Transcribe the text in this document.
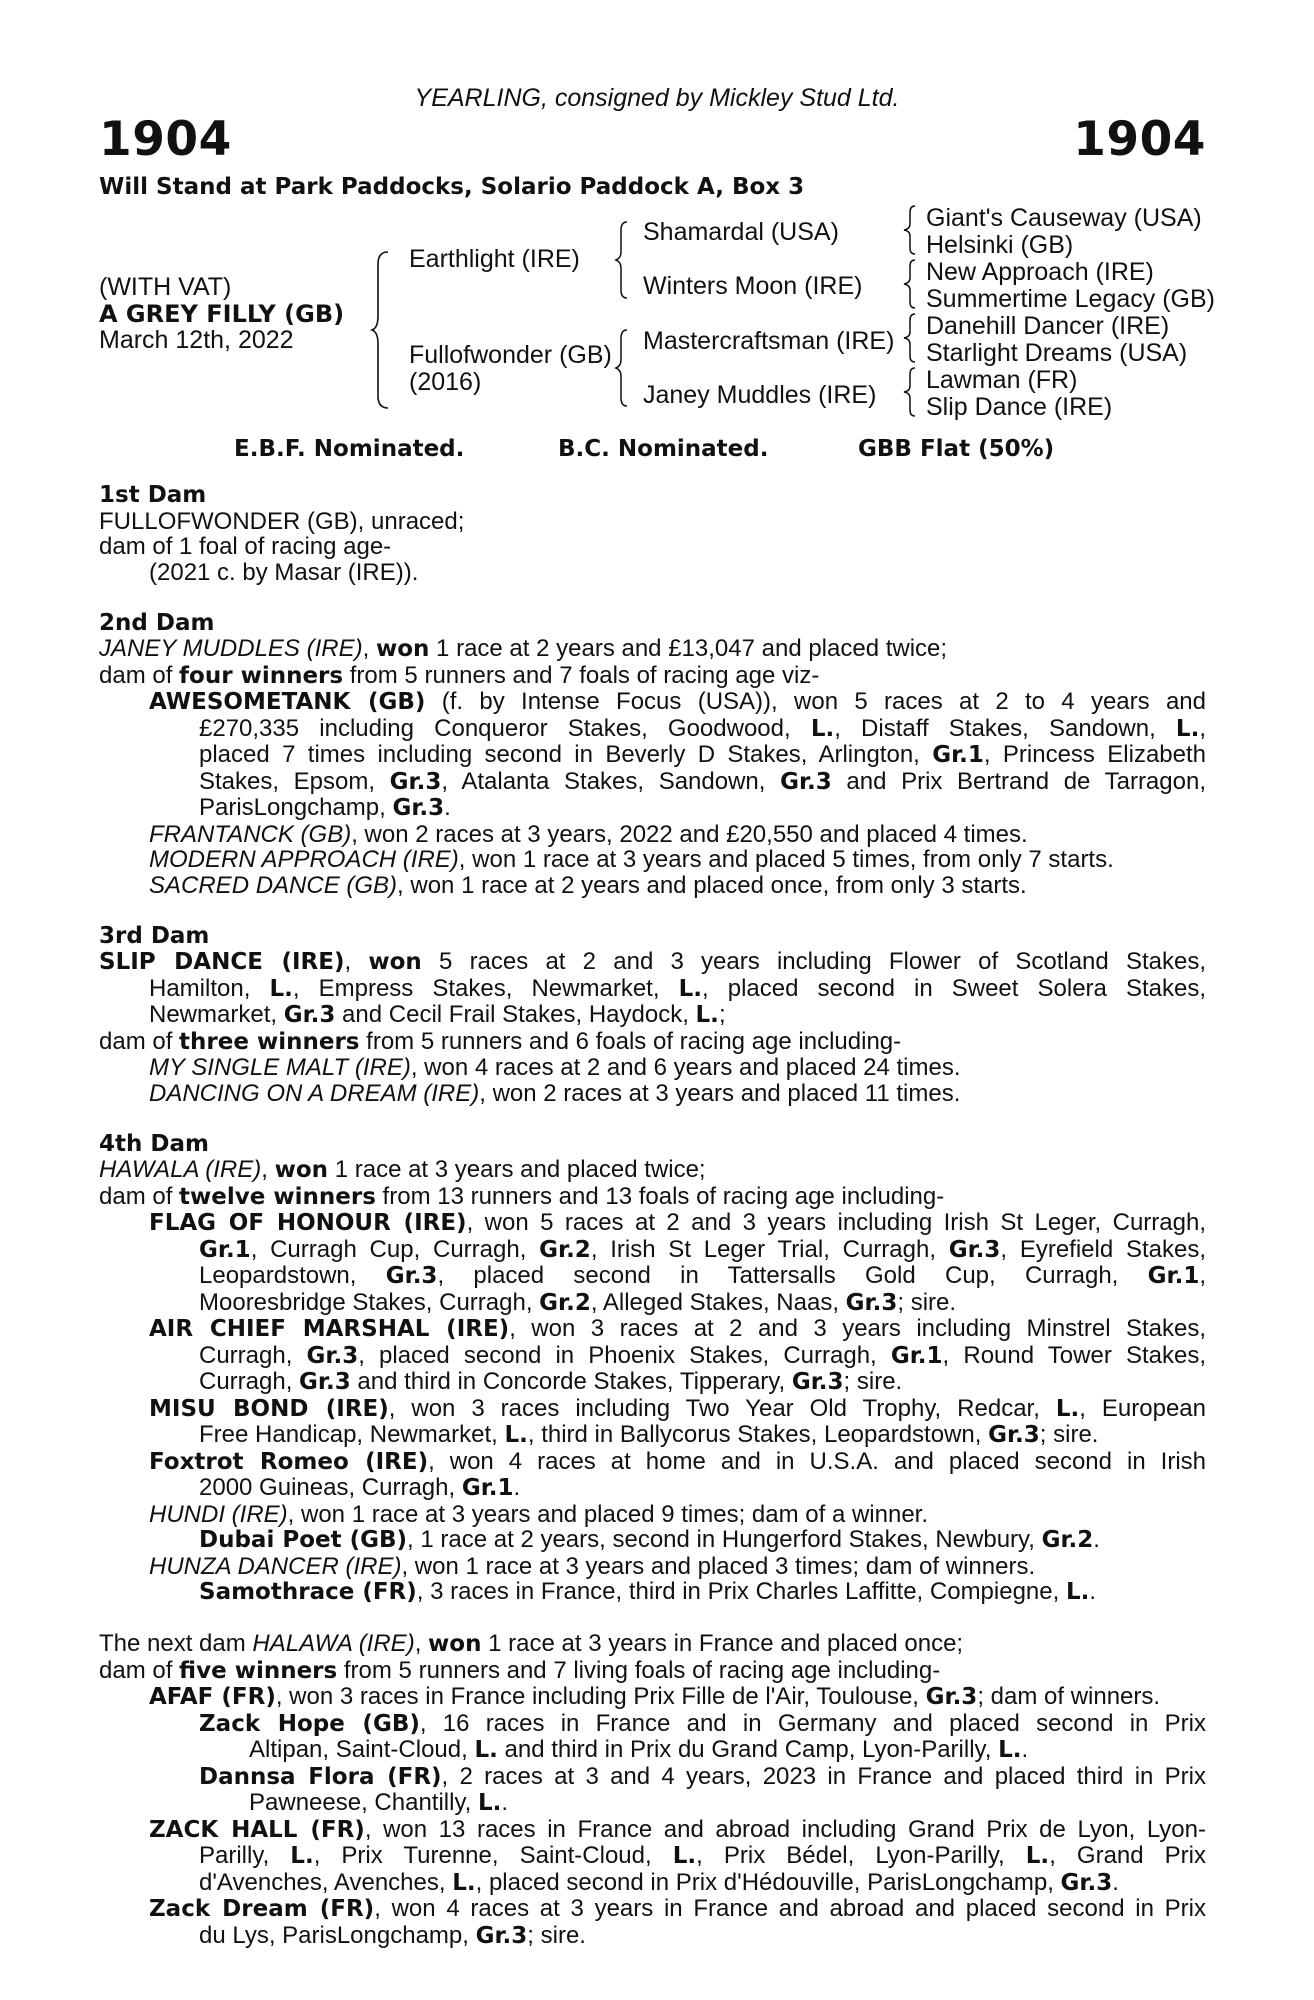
YEARLING, consigned by Mickley Stud Ltd.
1904	1904
Will Stand at Park Paddocks, Solario Paddock A, Box 3
(WITH VAT)
A GREY FILLY (GB)
March 12th, 2022
Earthlight (IRE)
Fullofwonder (GB)
(2016)
Shamardal (USA)
Winters Moon (IRE)
Mastercraftsman (IRE)
Janey Muddles (IRE)
Giant's Causeway (USA)
Helsinki (GB)
New Approach (IRE)
Summertime Legacy (GB)
Danehill Dancer (IRE)
Starlight Dreams (USA)
Lawman (FR)
Slip Dance (IRE)
E.B.F. Nominated.	B.C. Nominated.	GBB Flat (50%)
1st Dam
FULLOFWONDER (GB), unraced;
dam of 1 foal of racing age-
(2021 c. by Masar (IRE)).
2nd Dam
JANEY MUDDLES (IRE), won 1 race at 2 years and £13,047 and placed twice;
dam of four winners from 5 runners and 7 foals of racing age viz-
AWESOMETANK (GB) (f. by Intense Focus (USA)), won 5 races at 2 to 4 years and
£270,335 including Conqueror Stakes, Goodwood, L., Distaff Stakes, Sandown, L.,
placed 7 times including second in Beverly D Stakes, Arlington, Gr.1, Princess Elizabeth
Stakes, Epsom, Gr.3, Atalanta Stakes, Sandown, Gr.3 and Prix Bertrand de Tarragon,
ParisLongchamp, Gr.3.
FRANTANCK (GB), won 2 races at 3 years, 2022 and £20,550 and placed 4 times.
MODERN APPROACH (IRE), won 1 race at 3 years and placed 5 times, from only 7 starts.
SACRED DANCE (GB), won 1 race at 2 years and placed once, from only 3 starts.
3rd Dam
SLIP DANCE (IRE), won 5 races at 2 and 3 years including Flower of Scotland Stakes,
Hamilton, L., Empress Stakes, Newmarket, L., placed second in Sweet Solera Stakes,
Newmarket, Gr.3 and Cecil Frail Stakes, Haydock, L.;
dam of three winners from 5 runners and 6 foals of racing age including-
MY SINGLE MALT (IRE), won 4 races at 2 and 6 years and placed 24 times.
DANCING ON A DREAM (IRE), won 2 races at 3 years and placed 11 times.
4th Dam
HAWALA (IRE), won 1 race at 3 years and placed twice;
dam of twelve winners from 13 runners and 13 foals of racing age including-
FLAG OF HONOUR (IRE), won 5 races at 2 and 3 years including Irish St Leger, Curragh,
Gr.1, Curragh Cup, Curragh, Gr.2, Irish St Leger Trial, Curragh, Gr.3, Eyrefield Stakes,
Leopardstown, Gr.3, placed second in Tattersalls Gold Cup, Curragh, Gr.1,
Mooresbridge Stakes, Curragh, Gr.2, Alleged Stakes, Naas, Gr.3; sire.
AIR CHIEF MARSHAL (IRE), won 3 races at 2 and 3 years including Minstrel Stakes,
Curragh, Gr.3, placed second in Phoenix Stakes, Curragh, Gr.1, Round Tower Stakes,
Curragh, Gr.3 and third in Concorde Stakes, Tipperary, Gr.3; sire.
MISU BOND (IRE), won 3 races including Two Year Old Trophy, Redcar, L., European
Free Handicap, Newmarket, L., third in Ballycorus Stakes, Leopardstown, Gr.3; sire.
Foxtrot Romeo (IRE), won 4 races at home and in U.S.A. and placed second in Irish
2000 Guineas, Curragh, Gr.1.
HUNDI (IRE), won 1 race at 3 years and placed 9 times; dam of a winner.
Dubai Poet (GB), 1 race at 2 years, second in Hungerford Stakes, Newbury, Gr.2.
HUNZA DANCER (IRE), won 1 race at 3 years and placed 3 times; dam of winners.
Samothrace (FR), 3 races in France, third in Prix Charles Laffitte, Compiegne, L..
The next dam HALAWA (IRE), won 1 race at 3 years in France and placed once;
dam of five winners from 5 runners and 7 living foals of racing age including-
AFAF (FR), won 3 races in France including Prix Fille de l'Air, Toulouse, Gr.3; dam of winners.
Zack Hope (GB), 16 races in France and in Germany and placed second in Prix
Altipan, Saint-Cloud, L. and third in Prix du Grand Camp, Lyon-Parilly, L..
Dannsa Flora (FR), 2 races at 3 and 4 years, 2023 in France and placed third in Prix
Pawneese, Chantilly, L..
ZACK HALL (FR), won 13 races in France and abroad including Grand Prix de Lyon, Lyon-
Parilly, L., Prix Turenne, Saint-Cloud, L., Prix Bédel, Lyon-Parilly, L., Grand Prix
d'Avenches, Avenches, L., placed second in Prix d'Hédouville, ParisLongchamp, Gr.3.
Zack Dream (FR), won 4 races at 3 years in France and abroad and placed second in Prix
du Lys, ParisLongchamp, Gr.3; sire.
